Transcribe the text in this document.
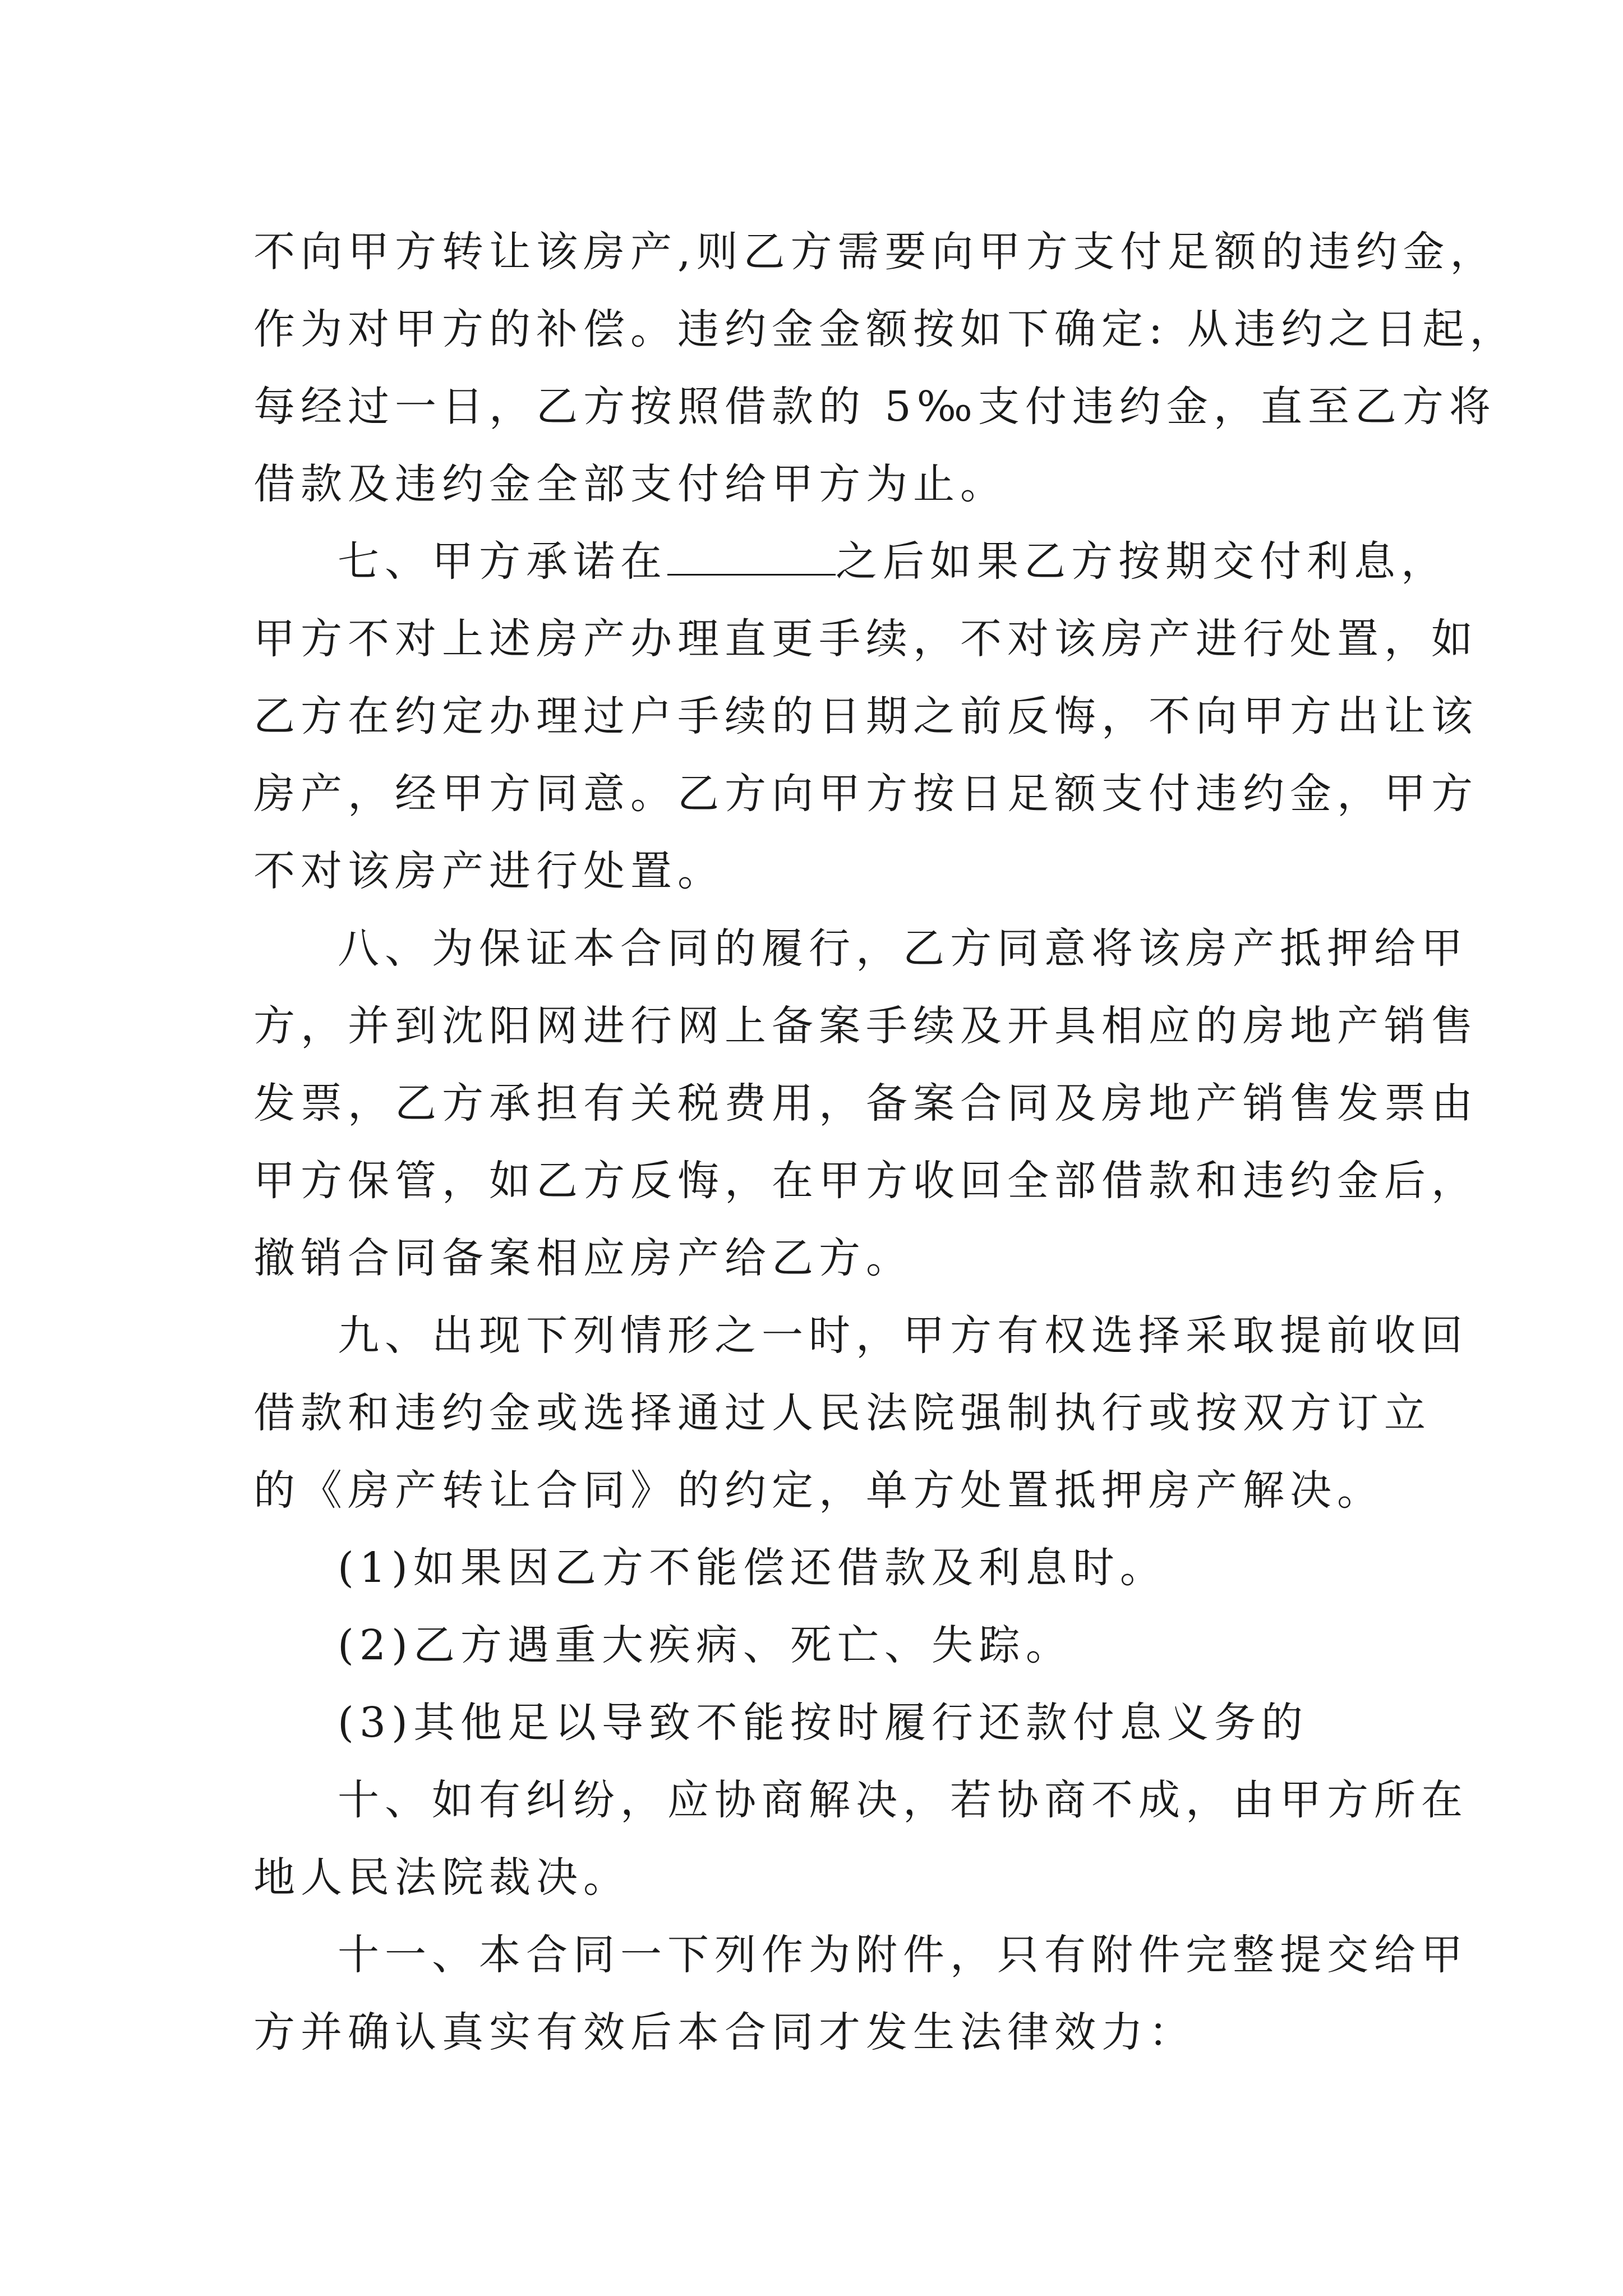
不向甲方转让该房产,则乙方需要向甲方支付足额的违约金，
作为对甲方的补偿。违约金金额按如下确定: 从违约之日起，
每经过一日，乙方按照借款的 5‰支付违约金，直至乙方将
借款及违约金全部支付给甲方为止。
七、甲方承诺在	之后如果乙方按期交付利息，
甲方不对上述房产办理直更手续，不对该房产进行处置，如
乙方在约定办理过户手续的日期之前反悔，不向甲方出让该
房产，经甲方同意。乙方向甲方按日足额支付违约金，甲方
不对该房产进行处置。
八、为保证本合同的履行，乙方同意将该房产抵押给甲
方，并到沈阳网进行网上备案手续及开具相应的房地产销售
发票，乙方承担有关税费用，备案合同及房地产销售发票由
甲方保管，如乙方反悔，在甲方收回全部借款和违约金后，
撤销合同备案相应房产给乙方。
九、出现下列情形之一时，甲方有权选择采取提前收回
借款和违约金或选择通过人民法院强制执行或按双方订立
的《房产转让合同》的约定，单方处置抵押房产解决。
(1)如果因乙方不能偿还借款及利息时。
(2)乙方遇重大疾病、死亡、失踪。
(3)其他足以导致不能按时履行还款付息义务的
十、如有纠纷，应协商解决，若协商不成，由甲方所在
地人民法院裁决。
十一、本合同一下列作为附件，只有附件完整提交给甲
方并确认真实有效后本合同才发生法律效力：
